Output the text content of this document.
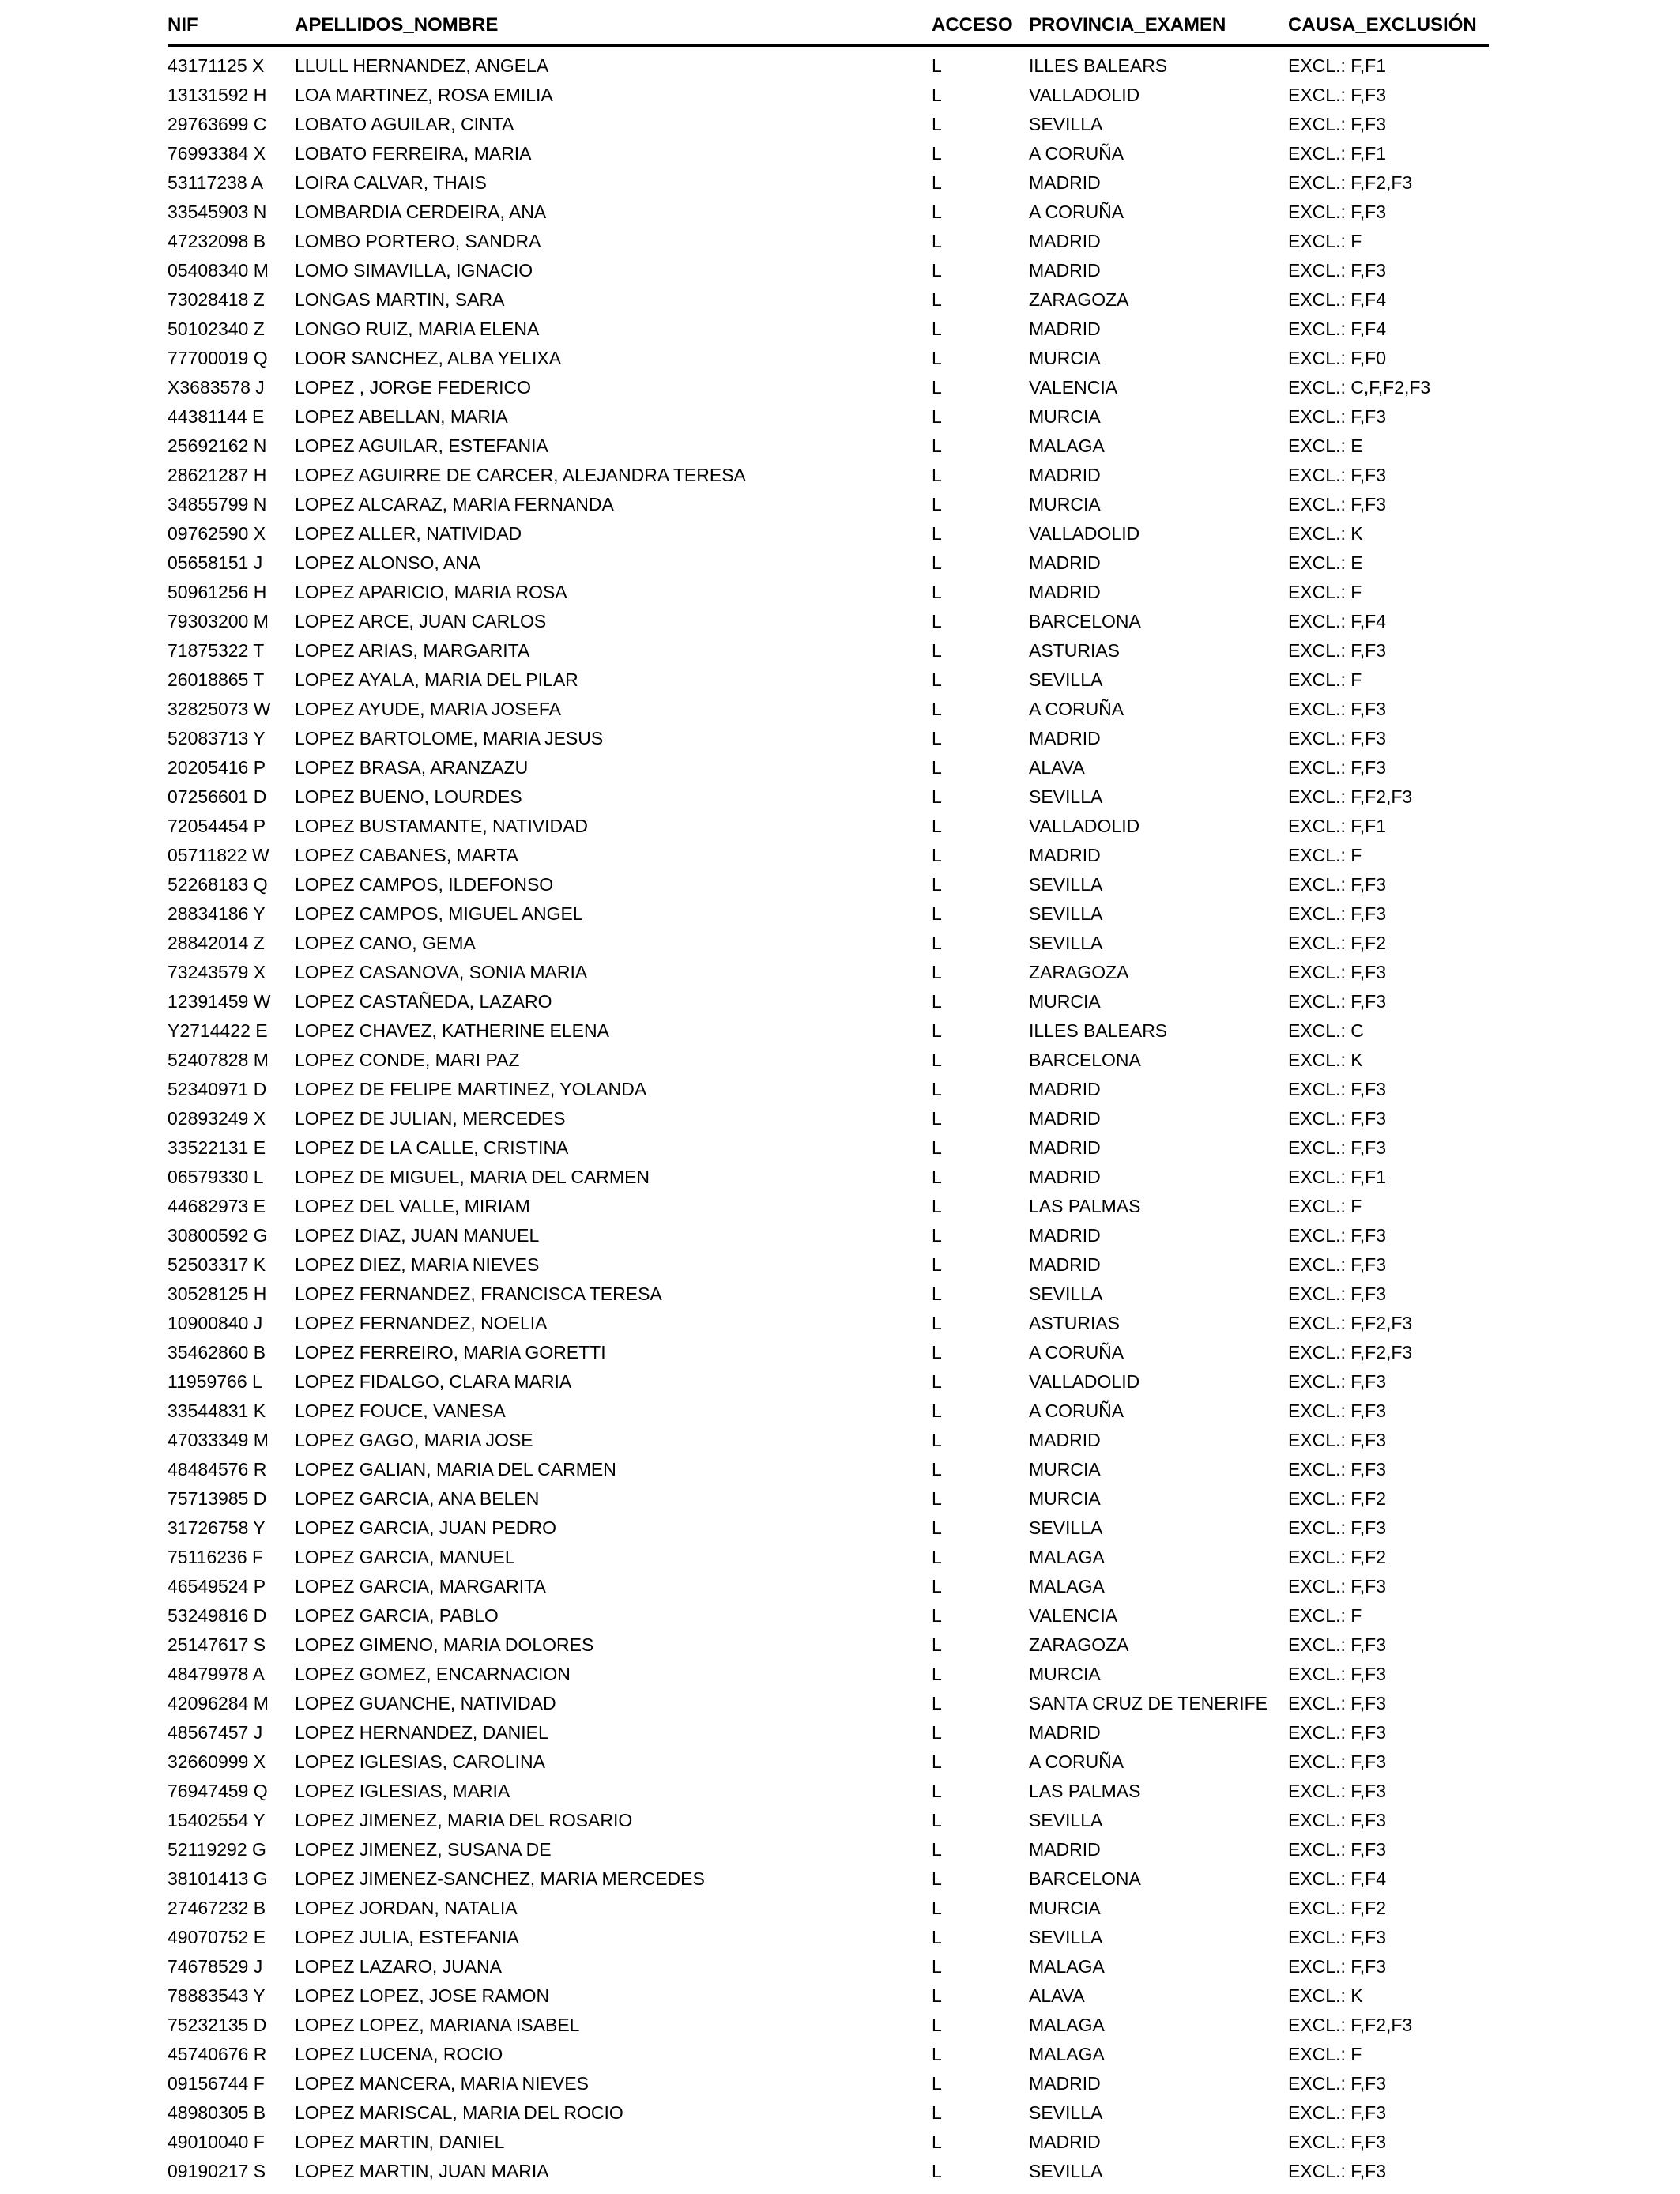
NIF	APELLIDOS_NOMBRE	ACCESO	PROVINCIA_EXAMEN	CAUSA_EXCLUSIÓN
43171125 X	LLULL HERNANDEZ, ANGELA	L	ILLES BALEARS	EXCL.: F,F1
13131592 H	LOA MARTINEZ, ROSA EMILIA	L	VALLADOLID	EXCL.: F,F3
29763699 C	LOBATO AGUILAR, CINTA	L	SEVILLA	EXCL.: F,F3
76993384 X	LOBATO FERREIRA, MARIA	L	A CORUÑA	EXCL.: F,F1
53117238 A	LOIRA CALVAR, THAIS	L	MADRID	EXCL.: F,F2,F3
33545903 N	LOMBARDIA CERDEIRA, ANA	L	A CORUÑA	EXCL.: F,F3
47232098 B	LOMBO PORTERO, SANDRA	L	MADRID	EXCL.: F
05408340 M	LOMO SIMAVILLA, IGNACIO	L	MADRID	EXCL.: F,F3
73028418 Z	LONGAS MARTIN, SARA	L	ZARAGOZA	EXCL.: F,F4
50102340 Z	LONGO RUIZ, MARIA ELENA	L	MADRID	EXCL.: F,F4
77700019 Q	LOOR SANCHEZ, ALBA YELIXA	L	MURCIA	EXCL.: F,F0
X3683578 J	LOPEZ , JORGE FEDERICO	L	VALENCIA	EXCL.: C,F,F2,F3
44381144 E	LOPEZ ABELLAN, MARIA	L	MURCIA	EXCL.: F,F3
25692162 N	LOPEZ AGUILAR, ESTEFANIA	L	MALAGA	EXCL.: E
28621287 H	LOPEZ AGUIRRE DE CARCER, ALEJANDRA TERESA	L	MADRID	EXCL.: F,F3
34855799 N	LOPEZ ALCARAZ, MARIA FERNANDA	L	MURCIA	EXCL.: F,F3
09762590 X	LOPEZ ALLER, NATIVIDAD	L	VALLADOLID	EXCL.: K
05658151 J	LOPEZ ALONSO, ANA	L	MADRID	EXCL.: E
50961256 H	LOPEZ APARICIO, MARIA ROSA	L	MADRID	EXCL.: F
79303200 M	LOPEZ ARCE, JUAN CARLOS	L	BARCELONA	EXCL.: F,F4
71875322 T	LOPEZ ARIAS, MARGARITA	L	ASTURIAS	EXCL.: F,F3
26018865 T	LOPEZ AYALA, MARIA DEL PILAR	L	SEVILLA	EXCL.: F
32825073 W	LOPEZ AYUDE, MARIA JOSEFA	L	A CORUÑA	EXCL.: F,F3
52083713 Y	LOPEZ BARTOLOME, MARIA JESUS	L	MADRID	EXCL.: F,F3
20205416 P	LOPEZ BRASA, ARANZAZU	L	ALAVA	EXCL.: F,F3
07256601 D	LOPEZ BUENO, LOURDES	L	SEVILLA	EXCL.: F,F2,F3
72054454 P	LOPEZ BUSTAMANTE, NATIVIDAD	L	VALLADOLID	EXCL.: F,F1
05711822 W	LOPEZ CABANES, MARTA	L	MADRID	EXCL.: F
52268183 Q	LOPEZ CAMPOS, ILDEFONSO	L	SEVILLA	EXCL.: F,F3
28834186 Y	LOPEZ CAMPOS, MIGUEL ANGEL	L	SEVILLA	EXCL.: F,F3
28842014 Z	LOPEZ CANO, GEMA	L	SEVILLA	EXCL.: F,F2
73243579 X	LOPEZ CASANOVA, SONIA MARIA	L	ZARAGOZA	EXCL.: F,F3
12391459 W	LOPEZ CASTAÑEDA, LAZARO	L	MURCIA	EXCL.: F,F3
Y2714422 E	LOPEZ CHAVEZ, KATHERINE ELENA	L	ILLES BALEARS	EXCL.: C
52407828 M	LOPEZ CONDE, MARI PAZ	L	BARCELONA	EXCL.: K
52340971 D	LOPEZ DE FELIPE MARTINEZ, YOLANDA	L	MADRID	EXCL.: F,F3
02893249 X	LOPEZ DE JULIAN, MERCEDES	L	MADRID	EXCL.: F,F3
33522131 E	LOPEZ DE LA CALLE, CRISTINA	L	MADRID	EXCL.: F,F3
06579330 L	LOPEZ DE MIGUEL, MARIA DEL CARMEN	L	MADRID	EXCL.: F,F1
44682973 E	LOPEZ DEL VALLE, MIRIAM	L	LAS PALMAS	EXCL.: F
30800592 G	LOPEZ DIAZ, JUAN MANUEL	L	MADRID	EXCL.: F,F3
52503317 K	LOPEZ DIEZ, MARIA NIEVES	L	MADRID	EXCL.: F,F3
30528125 H	LOPEZ FERNANDEZ, FRANCISCA TERESA	L	SEVILLA	EXCL.: F,F3
10900840 J	LOPEZ FERNANDEZ, NOELIA	L	ASTURIAS	EXCL.: F,F2,F3
35462860 B	LOPEZ FERREIRO, MARIA GORETTI	L	A CORUÑA	EXCL.: F,F2,F3
11959766 L	LOPEZ FIDALGO, CLARA MARIA	L	VALLADOLID	EXCL.: F,F3
33544831 K	LOPEZ FOUCE, VANESA	L	A CORUÑA	EXCL.: F,F3
47033349 M	LOPEZ GAGO, MARIA JOSE	L	MADRID	EXCL.: F,F3
48484576 R	LOPEZ GALIAN, MARIA DEL CARMEN	L	MURCIA	EXCL.: F,F3
75713985 D	LOPEZ GARCIA, ANA BELEN	L	MURCIA	EXCL.: F,F2
31726758 Y	LOPEZ GARCIA, JUAN PEDRO	L	SEVILLA	EXCL.: F,F3
75116236 F	LOPEZ GARCIA, MANUEL	L	MALAGA	EXCL.: F,F2
46549524 P	LOPEZ GARCIA, MARGARITA	L	MALAGA	EXCL.: F,F3
53249816 D	LOPEZ GARCIA, PABLO	L	VALENCIA	EXCL.: F
25147617 S	LOPEZ GIMENO, MARIA DOLORES	L	ZARAGOZA	EXCL.: F,F3
48479978 A	LOPEZ GOMEZ, ENCARNACION	L	MURCIA	EXCL.: F,F3
42096284 M	LOPEZ GUANCHE, NATIVIDAD	L	SANTA CRUZ DE TENERIFE	EXCL.: F,F3
48567457 J	LOPEZ HERNANDEZ, DANIEL	L	MADRID	EXCL.: F,F3
32660999 X	LOPEZ IGLESIAS, CAROLINA	L	A CORUÑA	EXCL.: F,F3
76947459 Q	LOPEZ IGLESIAS, MARIA	L	LAS PALMAS	EXCL.: F,F3
15402554 Y	LOPEZ JIMENEZ, MARIA DEL ROSARIO	L	SEVILLA	EXCL.: F,F3
52119292 G	LOPEZ JIMENEZ, SUSANA DE	L	MADRID	EXCL.: F,F3
38101413 G	LOPEZ JIMENEZ-SANCHEZ, MARIA MERCEDES	L	BARCELONA	EXCL.: F,F4
27467232 B	LOPEZ JORDAN, NATALIA	L	MURCIA	EXCL.: F,F2
49070752 E	LOPEZ JULIA, ESTEFANIA	L	SEVILLA	EXCL.: F,F3
74678529 J	LOPEZ LAZARO, JUANA	L	MALAGA	EXCL.: F,F3
78883543 Y	LOPEZ LOPEZ, JOSE RAMON	L	ALAVA	EXCL.: K
75232135 D	LOPEZ LOPEZ, MARIANA ISABEL	L	MALAGA	EXCL.: F,F2,F3
45740676 R	LOPEZ LUCENA, ROCIO	L	MALAGA	EXCL.: F
09156744 F	LOPEZ MANCERA, MARIA NIEVES	L	MADRID	EXCL.: F,F3
48980305 B	LOPEZ MARISCAL, MARIA DEL ROCIO	L	SEVILLA	EXCL.: F,F3
49010040 F	LOPEZ MARTIN, DANIEL	L	MADRID	EXCL.: F,F3
09190217 S	LOPEZ MARTIN, JUAN MARIA	L	SEVILLA	EXCL.: F,F3
